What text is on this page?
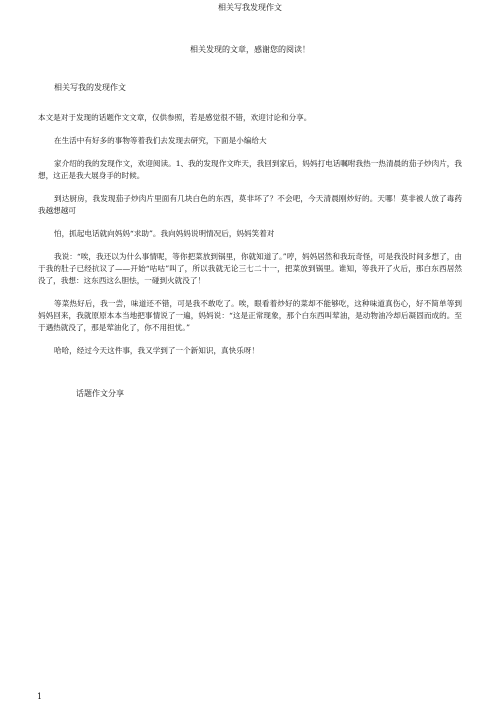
相关写我发现作文
相关发现的文章，感谢您的阅读！
相关写我的发现作文

本文是对于发现的话题作文文章，仅供参照，若是感觉很不错，欢迎讨论和分享。

在生活中有好多的事物等着我们去发现去研究，下面是小编给大

家介绍的我的发现作文，欢迎阅读。1、我的发现作文昨天，我回到家后，妈妈打电话嘱咐我热一热清晨的茄子炒肉片，我想，这正是我大展身手的时候。

到达厨房，我发现茄子炒肉片里面有几块白色的东西，莫非坏了？不会吧，今天清晨刚炒好的。天哪！莫非被人放了毒药我越想越可

怕，抓起电话就向妈妈“求助”。我向妈妈说明情况后，妈妈笑着对

我说：“唉，我还以为什么事情呢，等你把菜放到锅里，你就知道了。”哼，妈妈居然和我玩奇怪，可是我没时间多想了，由于我的肚子已经抗议了——开始“咕咕”叫了，所以我就无论三七二十一，把菜放到锅里。谁知，等我开了火后，那白东西居然没了，我想：这东西这么胆怯，一碰到火就没了！

等菜热好后，我一尝，味道还不错，可是我不敢吃了。唉，眼看着炒好的菜却不能够吃，这种味道真伤心，好不简单等到妈妈回来，我就原原本本当地把事情说了一遍，妈妈说：“这是正常现象，那个白东西叫荤油，是动物油冷却后凝固而成的。至于遇热就没了，那是荤油化了，你不用担忧。”

哈哈，经过今天这件事，我又学到了一个新知识，真快乐呀！

话题作文分享
1
